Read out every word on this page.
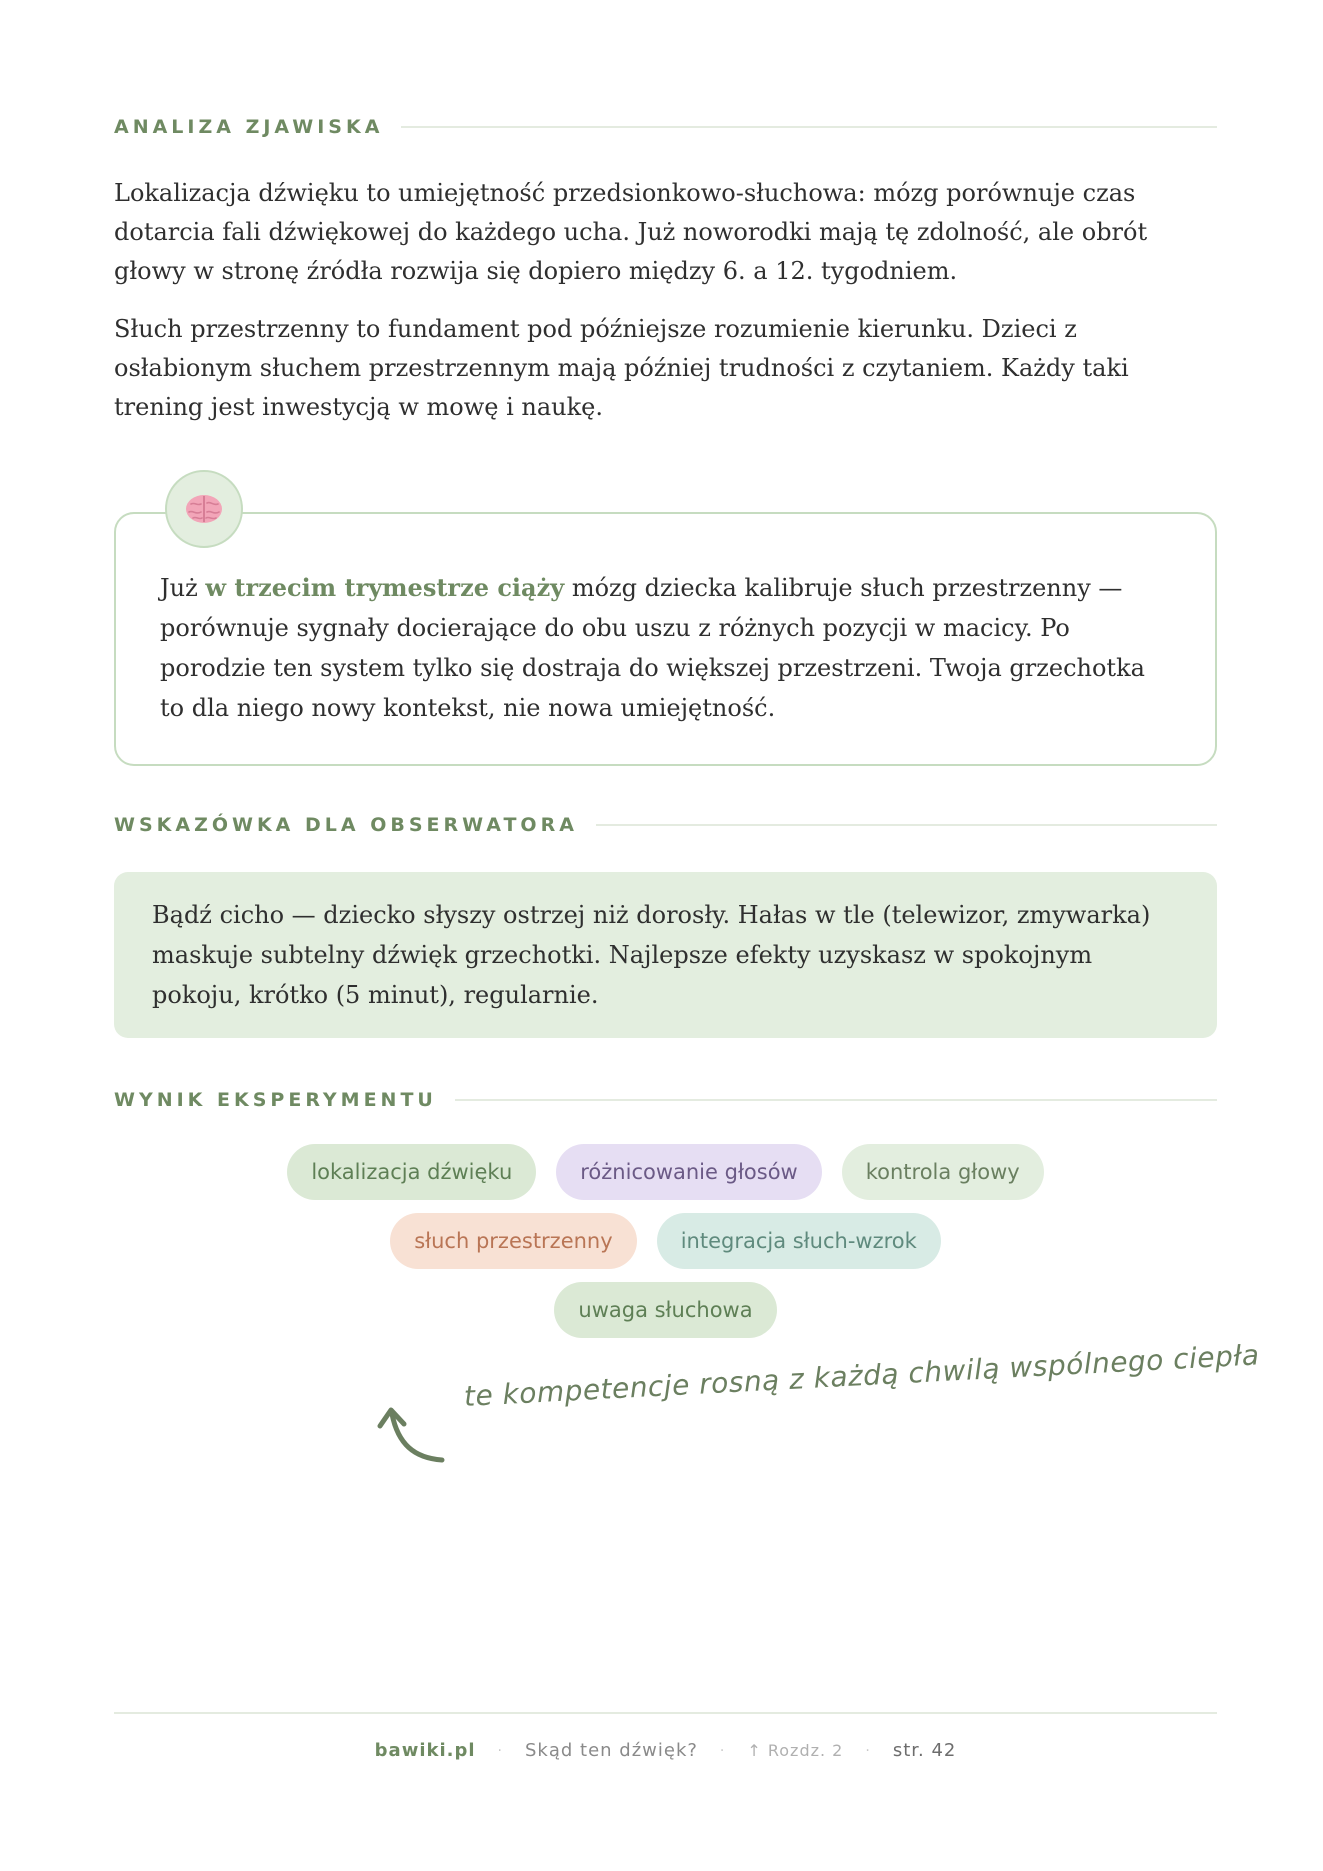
ANALIZA ZJAWISKA

Lokalizacja dźwięku to umiejętność przedsionkowo-słuchowa: mózg porównuje czas dotarcia fali dźwiękowej do każdego ucha. Już noworodki mają tę zdolność, ale obrót głowy w stronę źródła rozwija się dopiero między 6. a 12. tygodniem.

Słuch przestrzenny to fundament pod późniejsze rozumienie kierunku. Dzieci z osłabionym słuchem przestrzennym mają później trudności z czytaniem. Każdy taki trening jest inwestycją w mowę i naukę.

Już w trzecim trymestrze ciąży mózg dziecka kalibruje słuch przestrzenny — porównuje sygnały docierające do obu uszu z różnych pozycji w macicy. Po porodzie ten system tylko się dostraja do większej przestrzeni. Twoja grzechotka to dla niego nowy kontekst, nie nowa umiejętność.

WSKAZÓWKA DLA OBSERWATORA

Bądź cicho — dziecko słyszy ostrzej niż dorosły. Hałas w tle (telewizor, zmywarka) maskuje subtelny dźwięk grzechotki. Najlepsze efekty uzyskasz w spokojnym pokoju, krótko (5 minut), regularnie.

WYNIK EKSPERYMENTU
lokalizacja dźwięku	różnicowanie głosów	kontrola głowy
słuch przestrzenny	integracja słuch-wzrok
uwaga słuchowa
te kompetencje rosną z każdą chwilą wspólnego ciepła
bawiki.pl · Skąd ten dźwięk? · ↑ Rozdz. 2 · str. 42
